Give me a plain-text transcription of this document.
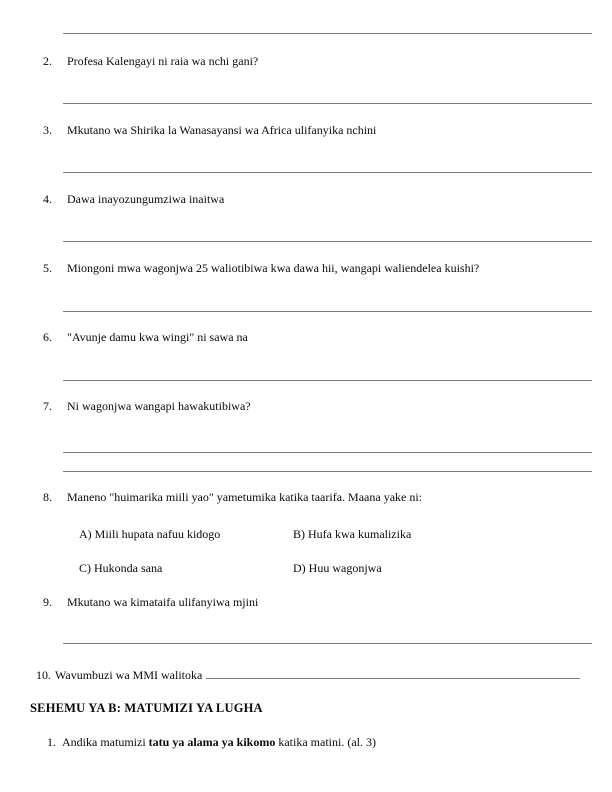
2.	Profesa Kalengayi ni raia wa nchi gani?
3.	Mkutano wa Shirika la Wanasayansi wa Africa ulifanyika nchini
4.	Dawa inayozungumziwa inaitwa
5.	Miongoni mwa wagonjwa 25 waliotibiwa kwa dawa hii, wangapi waliendelea kuishi?
6.	"Avunje damu kwa wingi" ni sawa na
7.	Ni wagonjwa wangapi hawakutibiwa?
8.	Maneno "huimarika miili yao" yametumika katika taarifa. Maana yake ni:
A) Miili hupata nafuu kidogo	B) Hufa kwa kumalizika
C) Hukonda sana	D) Huu wagonjwa
9.	Mkutano wa kimataifa ulifanyiwa mjini
10. Wavumbuzi wa MMI walitoka
SEHEMU YA B: MATUMIZI YA LUGHA
1. Andika matumizi tatu ya alama ya kikomo katika matini. (al. 3)
